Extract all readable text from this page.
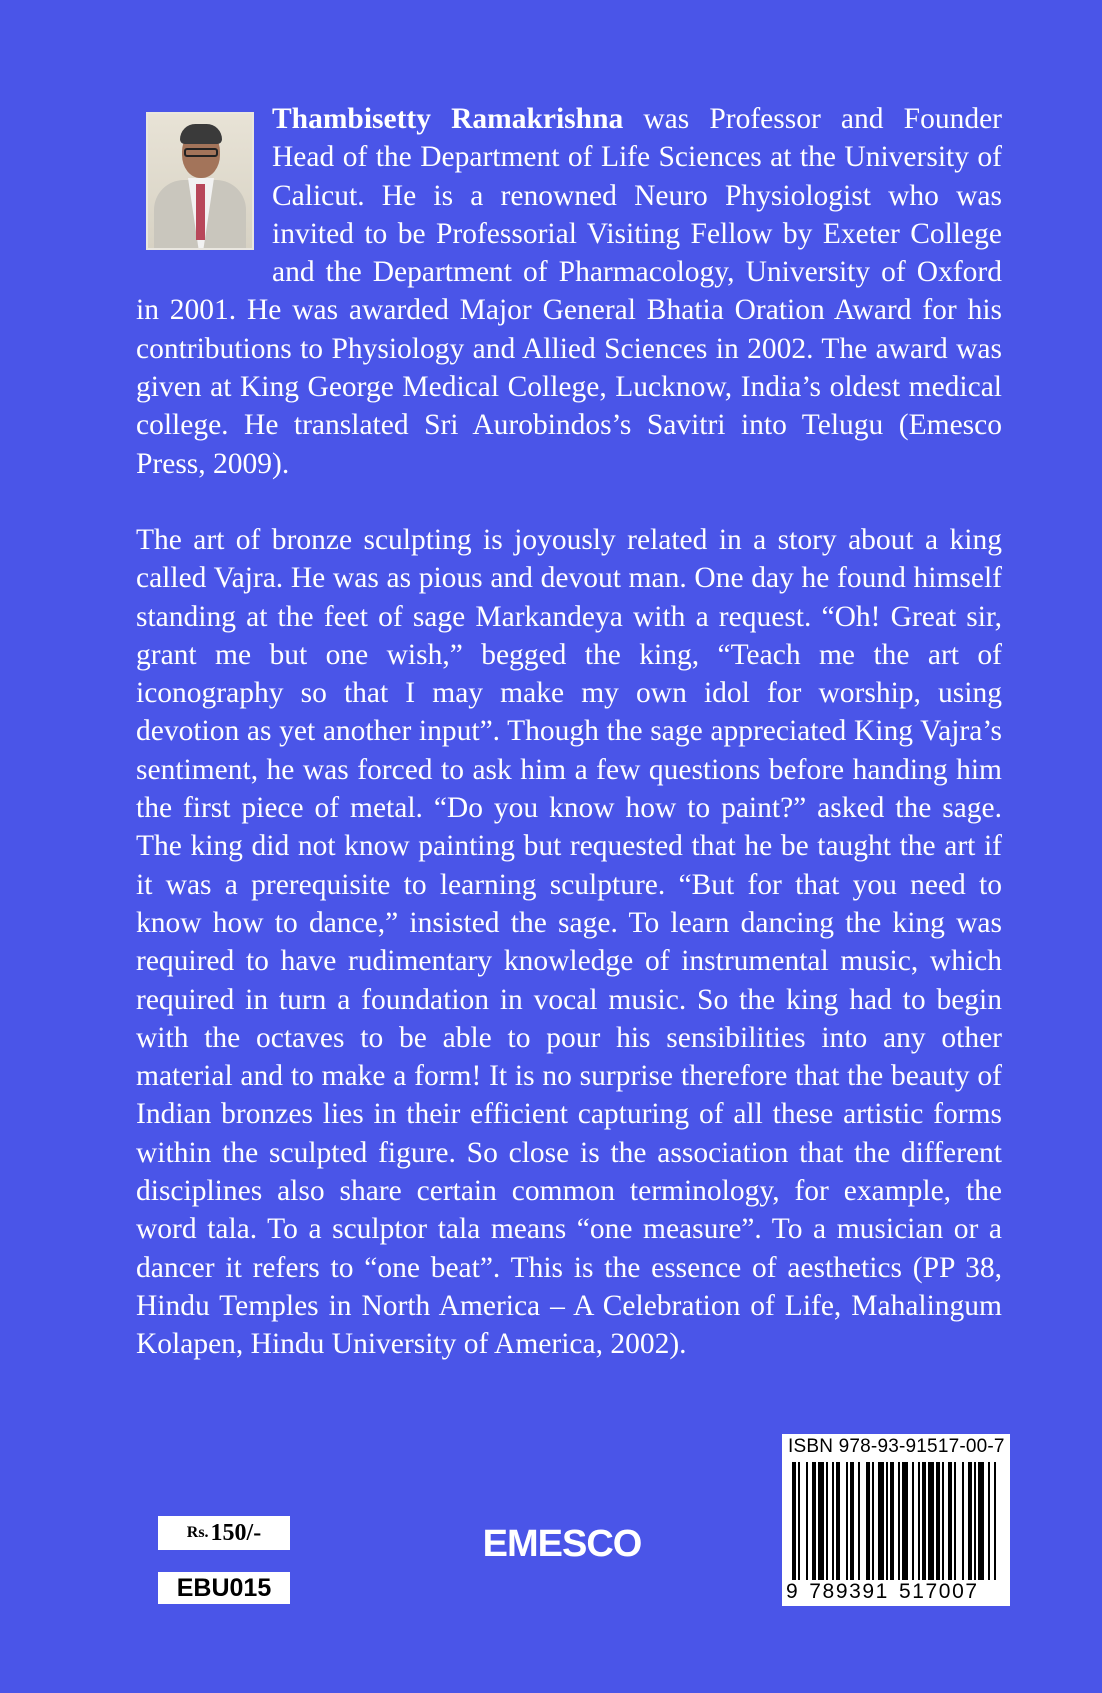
Thambisetty Ramakrishna was Professor and Founder Head of the Department of Life Sciences at the University of Calicut. He is a renowned Neuro Physiologist who was invited to be Professorial Visiting Fellow by Exeter College and the Department of Pharmacology, University of Oxford in 2001. He was awarded Major General Bhatia Oration Award for his contributions to Physiology and Allied Sciences in 2002. The award was given at King George Medical College, Lucknow, India’s oldest medical college. He translated Sri Aurobindos’s Savitri into Telugu (Emesco Press, 2009).

The art of bronze sculpting is joyously related in a story about a king called Vajra. He was as pious and devout man. One day he found himself standing at the feet of sage Markandeya with a request. “Oh! Great sir, grant me but one wish,” begged the king, “Teach me the art of iconography so that I may make my own idol for worship, using devotion as yet another input”. Though the sage appreciated King Vajra’s sentiment, he was forced to ask him a few questions before handing him the first piece of metal. “Do you know how to paint?” asked the sage. The king did not know painting but requested that he be taught the art if it was a prerequisite to learning sculpture. “But for that you need to know how to dance,” insisted the sage. To learn dancing the king was required to have rudimentary knowledge of instrumental music, which required in turn a foundation in vocal music. So the king had to begin with the octaves to be able to pour his sensibilities into any other material and to make a form! It is no surprise therefore that the beauty of Indian bronzes lies in their efficient capturing of all these artistic forms within the sculpted figure. So close is the association that the different disciplines also share certain common terminology, for example, the word tala. To a sculptor tala means “one measure”. To a musician or a dancer it refers to “one beat”. This is the essence of aesthetics (PP 38, Hindu Temples in North America – A Celebration of Life, Mahalingum Kolapen, Hindu University of America, 2002).

Rs. 150/-
EBU015
EMESCO
ISBN 978-93-91517-00-7
9 789391 517007
